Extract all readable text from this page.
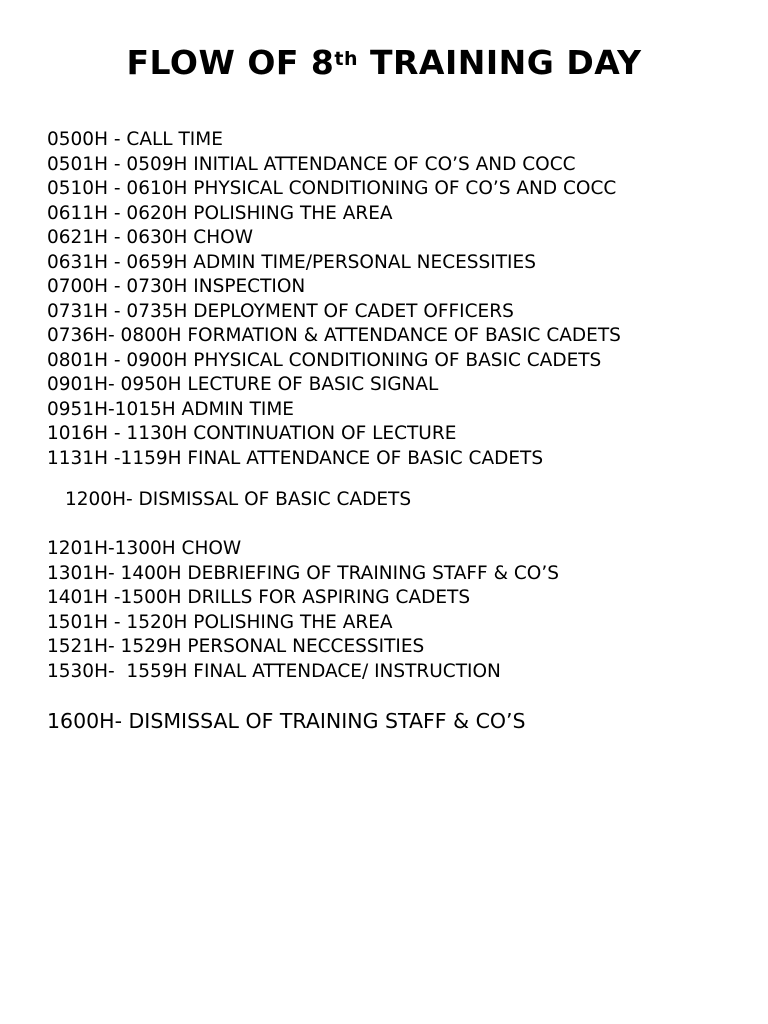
FLOW OF 8th TRAINING DAY
0500H - CALL TIME
0501H - 0509H INITIAL ATTENDANCE OF CO’S AND COCC
0510H - 0610H PHYSICAL CONDITIONING OF CO’S AND COCC
0611H - 0620H POLISHING THE AREA
0621H - 0630H CHOW
0631H - 0659H ADMIN TIME/PERSONAL NECESSITIES
0700H - 0730H INSPECTION
0731H - 0735H DEPLOYMENT OF CADET OFFICERS
0736H- 0800H FORMATION & ATTENDANCE OF BASIC CADETS
0801H - 0900H PHYSICAL CONDITIONING OF BASIC CADETS
0901H- 0950H LECTURE OF BASIC SIGNAL
0951H-1015H ADMIN TIME
1016H - 1130H CONTINUATION OF LECTURE
1131H -1159H FINAL ATTENDANCE OF BASIC CADETS
1200H- DISMISSAL OF BASIC CADETS
1201H-1300H CHOW
1301H- 1400H DEBRIEFING OF TRAINING STAFF & CO’S
1401H -1500H DRILLS FOR ASPIRING CADETS
1501H - 1520H POLISHING THE AREA
1521H- 1529H PERSONAL NECCESSITIES
1530H-  1559H FINAL ATTENDACE/ INSTRUCTION
1600H- DISMISSAL OF TRAINING STAFF & CO’S
